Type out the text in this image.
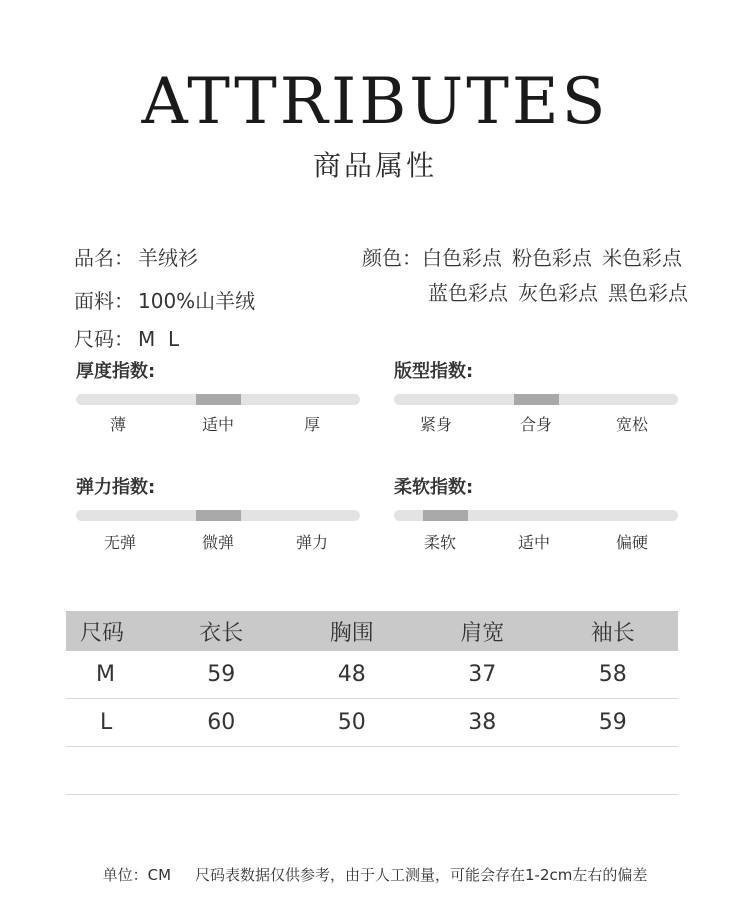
ATTRIBUTES
商品属性
品名： 羊绒衫
面料： 100%山羊绒
尺码： M  L
颜色：白色彩点 粉色彩点 米色彩点
蓝色彩点 灰色彩点 黑色彩点
厚度指数:
薄	适中	厚
版型指数:
紧身	合身	宽松
弹力指数:
无弹	微弹	弹力
柔软指数:
柔软	适中	偏硬
尺码	衣长	胸围	肩宽	袖长
M	59	48	37	58
L	60	50	38	59

单位：CM 尺码表数据仅供参考，由于人工测量，可能会存在1-2cm左右的偏差
